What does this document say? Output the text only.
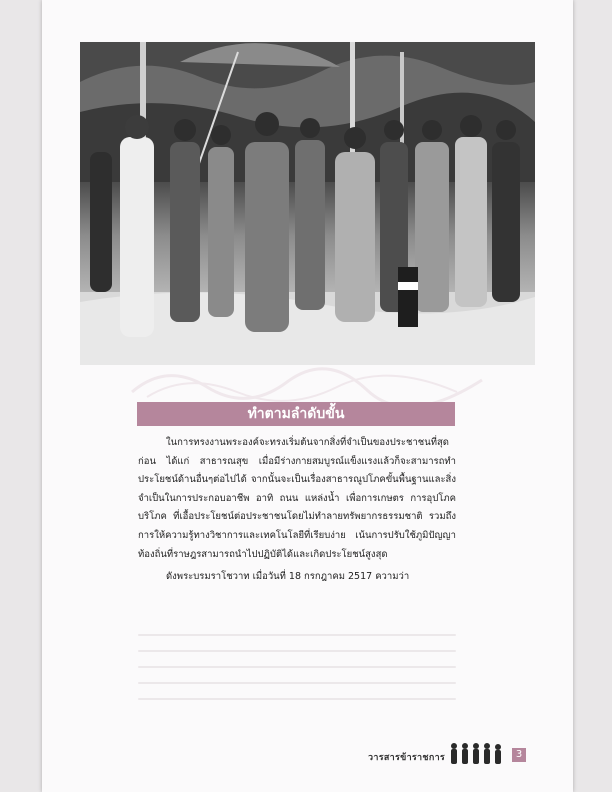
ทำตามลำดับขั้น

ในการทรงงานพระองค์จะทรงเริ่มต้นจากสิ่งที่จำเป็นของประชาชนที่สุดก่อน ได้แก่ สาธารณสุข เมื่อมีร่างกายสมบูรณ์แข็งแรงแล้วก็จะสามารถทำประโยชน์ด้านอื่นๆต่อไปได้ จากนั้นจะเป็นเรื่องสาธารณูปโภคขั้นพื้นฐานและสิ่งจำเป็นในการประกอบอาชีพ อาทิ ถนน แหล่งน้ำ เพื่อการเกษตร การอุปโภคบริโภค ที่เอื้อประโยชน์ต่อประชาชนโดยไม่ทำลายทรัพยากรธรรมชาติ รวมถึงการให้ความรู้ทางวิชาการและเทคโนโลยีที่เรียบง่าย เน้นการปรับใช้ภูมิปัญญาท้องถิ่นที่ราษฎรสามารถนำไปปฏิบัติได้และเกิดประโยชน์สูงสุด

ดังพระบรมราโชวาท เมื่อวันที่ 18 กรกฎาคม 2517 ความว่า

วารสารข้าราชการ	3
